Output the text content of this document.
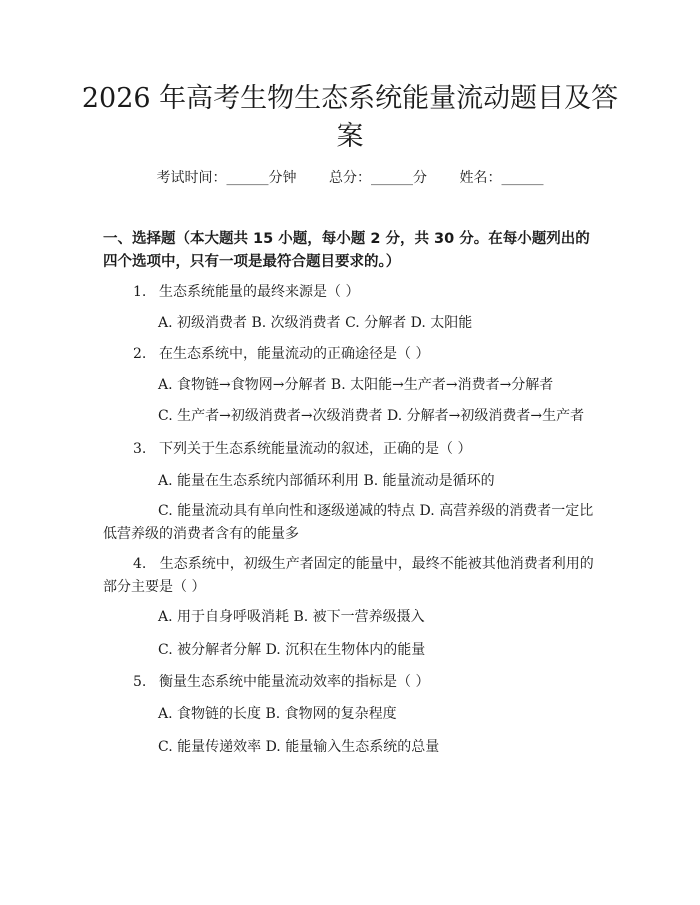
2026 年高考生物生态系统能量流动题目及答案
考试时间：______分钟 总分：______分 姓名：______
一、选择题（本大题共 15 小题，每小题 2 分，共 30 分。在每小题列出的四个选项中，只有一项是最符合题目要求的。）
1. 生态系统能量的最终来源是（ ）
A. 初级消费者 B. 次级消费者 C. 分解者 D. 太阳能
2. 在生态系统中，能量流动的正确途径是（ ）
A. 食物链→食物网→分解者 B. 太阳能→生产者→消费者→分解者
C. 生产者→初级消费者→次级消费者 D. 分解者→初级消费者→生产者
3. 下列关于生态系统能量流动的叙述，正确的是（ ）
A. 能量在生态系统内部循环利用 B. 能量流动是循环的
C. 能量流动具有单向性和逐级递减的特点 D. 高营养级的消费者一定比低营养级的消费者含有的能量多
4. 生态系统中，初级生产者固定的能量中，最终不能被其他消费者利用的部分主要是（ ）
A. 用于自身呼吸消耗 B. 被下一营养级摄入
C. 被分解者分解 D. 沉积在生物体内的能量
5. 衡量生态系统中能量流动效率的指标是（ ）
A. 食物链的长度 B. 食物网的复杂程度
C. 能量传递效率 D. 能量输入生态系统的总量
